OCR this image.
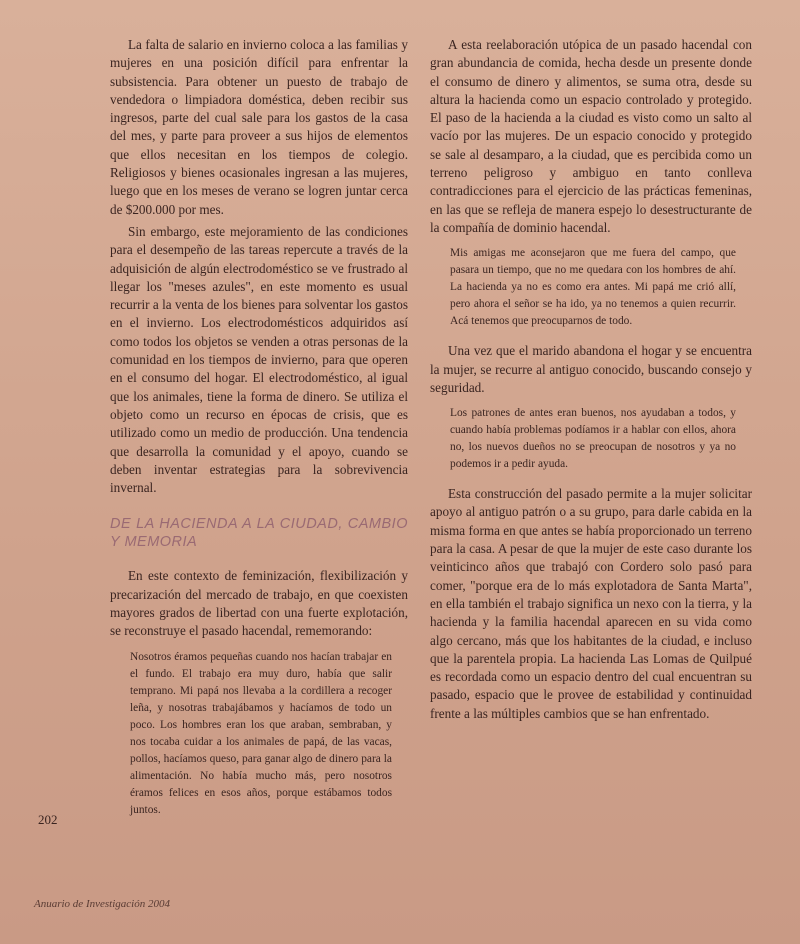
La falta de salario en invierno coloca a las familias y mujeres en una posición difícil para enfrentar la subsistencia. Para obtener un puesto de trabajo de vendedora o limpiadora doméstica, deben recibir sus ingresos, parte del cual sale para los gastos de la casa del mes, y parte para proveer a sus hijos de elementos que ellos necesitan en los tiempos de colegio. Religiosos y bienes ocasionales ingresan a las mujeres, luego que en los meses de verano se logren juntar cerca de $200.000 por mes.

Sin embargo, este mejoramiento de las condiciones para el desempeño de las tareas repercute a través de la adquisición de algún electrodoméstico se ve frustrado al llegar los "meses azules", en este momento es usual recurrir a la venta de los bienes para solventar los gastos en el invierno. Los electrodomésticos adquiridos así como todos los objetos se venden a otras personas de la comunidad en los tiempos de invierno, para que operen en el consumo del hogar. El electrodoméstico, al igual que los animales, tiene la forma de dinero. Se utiliza el objeto como un recurso en épocas de crisis, que es utilizado como un medio de producción. Una tendencia que desarrolla la comunidad y el apoyo, cuando se deben inventar estrategias para la sobrevivencia invernal.

DE LA HACIENDA A LA CIUDAD, CAMBIO Y MEMORIA

En este contexto de feminización, flexibilización y precarización del mercado de trabajo, en que coexisten mayores grados de libertad con una fuerte explotación, se reconstruye el pasado hacendal, rememorando:

Nosotros éramos pequeñas cuando nos hacían trabajar en el fundo. El trabajo era muy duro, había que salir temprano. Mi papá nos llevaba a la cordillera a recoger leña, y nosotras trabajábamos y hacíamos de todo un poco. Los hombres eran los que araban, sembraban, y nos tocaba cuidar a los animales de papá, de las vacas, pollos, hacíamos queso, para ganar algo de dinero para la alimentación. No había mucho más, pero nosotros éramos felices en esos años, porque estábamos todos juntos.

A esta reelaboración utópica de un pasado hacendal con gran abundancia de comida, hecha desde un presente donde el consumo de dinero y alimentos, se suma otra, desde su altura la hacienda como un espacio controlado y protegido. El paso de la hacienda a la ciudad es visto como un salto al vacío por las mujeres. De un espacio conocido y protegido se sale al desamparo, a la ciudad, que es percibida como un terreno peligroso y ambiguo en tanto conlleva contradicciones para el ejercicio de las prácticas femeninas, en las que se refleja de manera espejo lo desestructurante de la compañía de dominio hacendal.

Mis amigas me aconsejaron que me fuera del campo, que pasara un tiempo, que no me quedara con los hombres de ahí. La hacienda ya no es como era antes. Mi papá me crió allí, pero ahora el señor se ha ido, ya no tenemos a quien recurrir. Acá tenemos que preocuparnos de todo.

Una vez que el marido abandona el hogar y se encuentra la mujer, se recurre al antiguo conocido, buscando consejo y seguridad.

Los patrones de antes eran buenos, nos ayudaban a todos, y cuando había problemas podíamos ir a hablar con ellos, ahora no, los nuevos dueños no se preocupan de nosotros y ya no podemos ir a pedir ayuda.

Esta construcción del pasado permite a la mujer solicitar apoyo al antiguo patrón o a su grupo, para darle cabida en la misma forma en que antes se había proporcionado un terreno para la casa. A pesar de que la mujer de este caso durante los veinticinco años que trabajó con Cordero solo pasó para comer, "porque era de lo más explotadora de Santa Marta", en ella también el trabajo significa un nexo con la tierra, y la hacienda y la familia hacendal aparecen en su vida como algo cercano, más que los habitantes de la ciudad, e incluso que la parentela propia. La hacienda Las Lomas de Quilpué es recordada como un espacio dentro del cual encuentran su pasado, espacio que le provee de estabilidad y continuidad frente a las múltiples cambios que se han enfrentado.

202
Anuario de Investigación 2004
